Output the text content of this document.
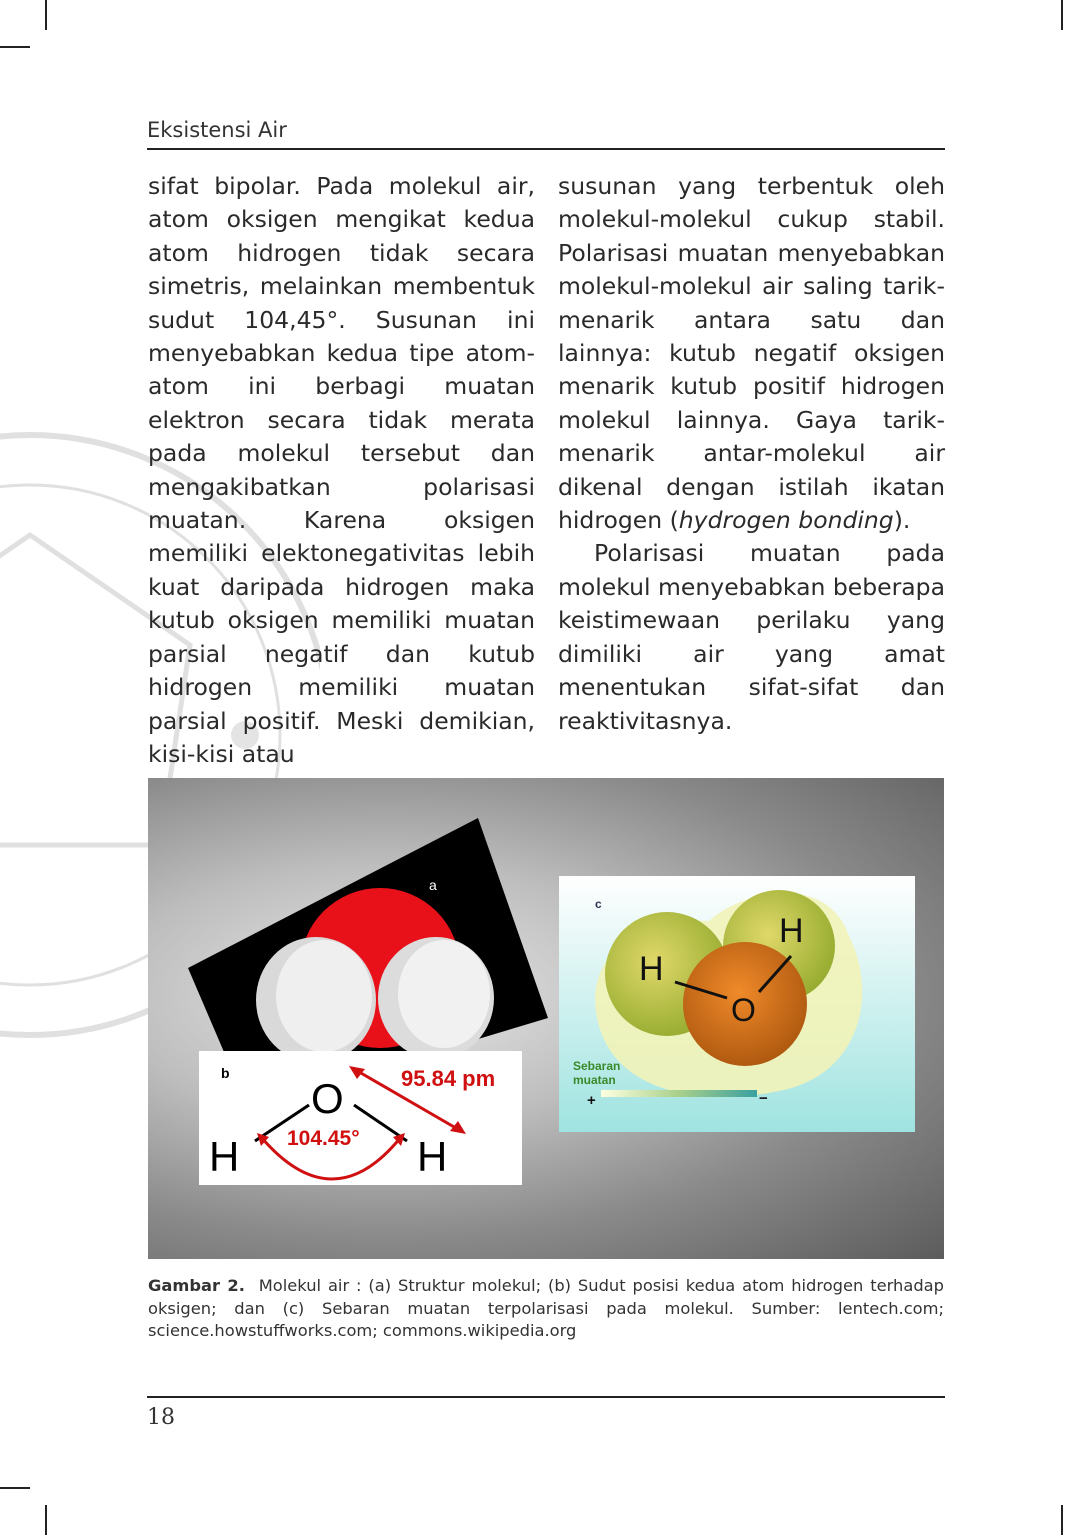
Eksistensi Air

sifat bipolar. Pada molekul air, atom oksigen mengikat kedua atom hidrogen tidak secara simetris, melainkan membentuk sudut 104,45°. Susunan ini menyebabkan kedua tipe atom-atom ini berbagi muatan elektron secara tidak merata pada molekul tersebut dan mengakibatkan polarisasi muatan. Karena oksigen memiliki elektonegativitas lebih kuat daripada hidrogen maka kutub oksigen memiliki muatan parsial negatif dan kutub hidrogen memiliki muatan parsial positif. Meski demikian, kisi-kisi atau

susunan yang terbentuk oleh molekul-molekul cukup stabil. Polarisasi muatan menyebabkan molekul-molekul air saling tarik-menarik antara satu dan lainnya: kutub negatif oksigen menarik kutub positif hidrogen molekul lainnya. Gaya tarik-menarik antar-molekul air dikenal dengan istilah ikatan hidrogen (hydrogen bonding).

Polarisasi muatan pada molekul menyebabkan beberapa keistimewaan perilaku yang dimiliki air yang amat menentukan sifat-sifat dan reaktivitasnya.

a
b
O
H	H
104.45°
95.84 pm
c
H
H
O
Sebaran
muatan
+	−
Gambar 2. Molekul air : (a) Struktur molekul; (b) Sudut posisi kedua atom hidrogen terhadap oksigen; dan (c) Sebaran muatan terpolarisasi pada molekul. Sumber: lentech.com; science.howstuffworks.com; commons.wikipedia.org
18
